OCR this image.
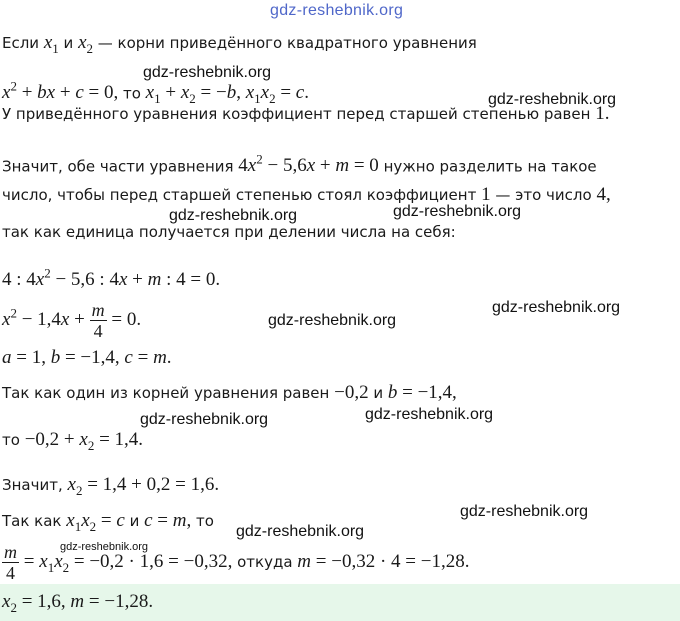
gdz-reshebnik.org
Если $x_1$ и $x_2$ — корни приведённого квадратного уравнения
$x^2$ + bx + c = 0, то $x_1 + x_2 = -b$, $x_1x_2 = c$.
У приведённого уравнения коэффициент перед старшей степенью равен 1.
Значит, обе части уравнения $4x^2 - 5,6x + m = 0$ нужно разделить на такое
число, чтобы перед старшей степенью стоял коэффициент 1 — это число 4,
так как единица получается при делении числа на себя:
4 : $4x^2 - 5,6$ : 4x + m : 4 = 0.
$x^2 - 1,4x + \frac{m}{4} = 0$.
a = 1, b = −1,4, c = m.
Так как один из корней уравнения равен −0,2 и b = −1,4,
то $-0,2 + x_2 = 1,4$.
Значит, $x_2 = 1,4 + 0,2 = 1,6$.
Так как $x_1x_2 = c$ и c = m, то
$\frac{m}{4} = x_1x_2 = -0,2 \cdot 1,6 = -0,32$, откуда m = −0,32 · 4 = −1,28.
$x_2 = 1,6$, m = −1,28.
gdz-reshebnik.org
gdz-reshebnik.org
gdz-reshebnik.org	gdz-reshebnik.org
gdz-reshebnik.org
gdz-reshebnik.org
gdz-reshebnik.org	gdz-reshebnik.org
gdz-reshebnik.org
gdz-reshebnik.org
gdz-reshebnik.org
